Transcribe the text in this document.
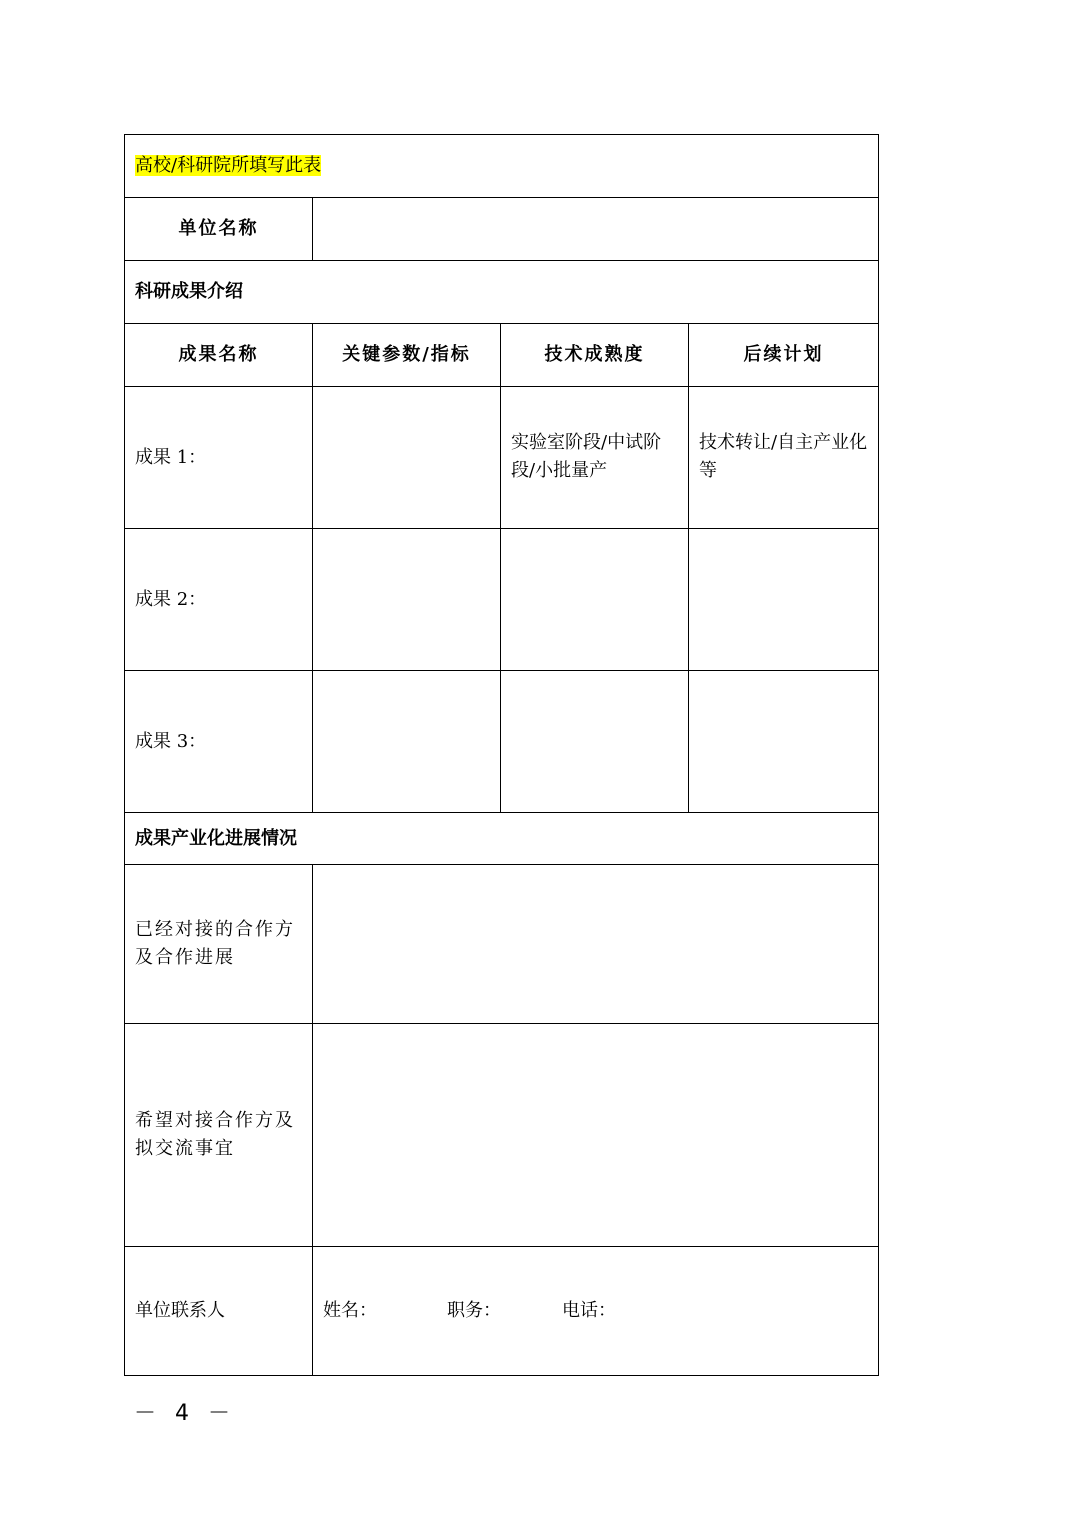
高校/科研院所填写此表			
单位名称			
科研成果介绍			
成果名称	关键参数/指标	技术成熟度	后续计划
成果 1：		实验室阶段/中试阶段/小批量产	技术转让/自主产业化等
成果 2：			
成果 3：			
成果产业化进展情况			
已经对接的合作方及合作进展			
希望对接合作方及拟交流事宜			
单位联系人	姓名： 职务： 电话：		
－ 4 －
